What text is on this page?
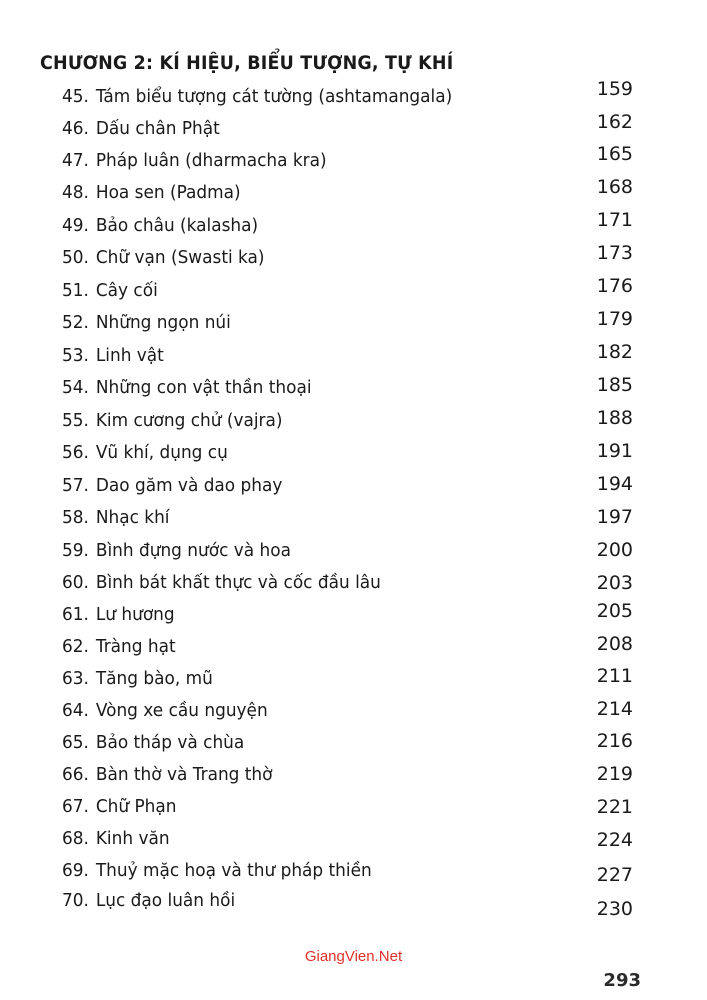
CHƯƠNG 2: KÍ HIỆU, BIỂU TƯỢNG, TỰ KHÍ
45. Tám biểu tượng cát tường (ashtamangala)	159
46. Dấu chân Phật	162
47. Pháp luân (dharmacha kra)	165
48. Hoa sen (Padma)	168
49. Bảo châu (kalasha)	171
50. Chữ vạn (Swasti ka)	173
51. Cây cối	176
52. Những ngọn núi	179
53. Linh vật	182
54. Những con vật thần thoại	185
55. Kim cương chử (vajra)	188
56. Vũ khí, dụng cụ	191
57. Dao găm và dao phay	194
58. Nhạc khí	197
59. Bình đựng nước và hoa	200
60. Bình bát khất thực và cốc đầu lâu	203
61. Lư hương	205
62. Tràng hạt	208
63. Tăng bào, mũ	211
64. Vòng xe cầu nguyện	214
65. Bảo tháp và chùa	216
66. Bàn thờ và Trang thờ	219
67. Chữ Phạn	221
68. Kinh văn	224
69. Thuỷ mặc hoạ và thư pháp thiền	227
70. Lục đạo luân hồi	230
GiangVien.Net
293
